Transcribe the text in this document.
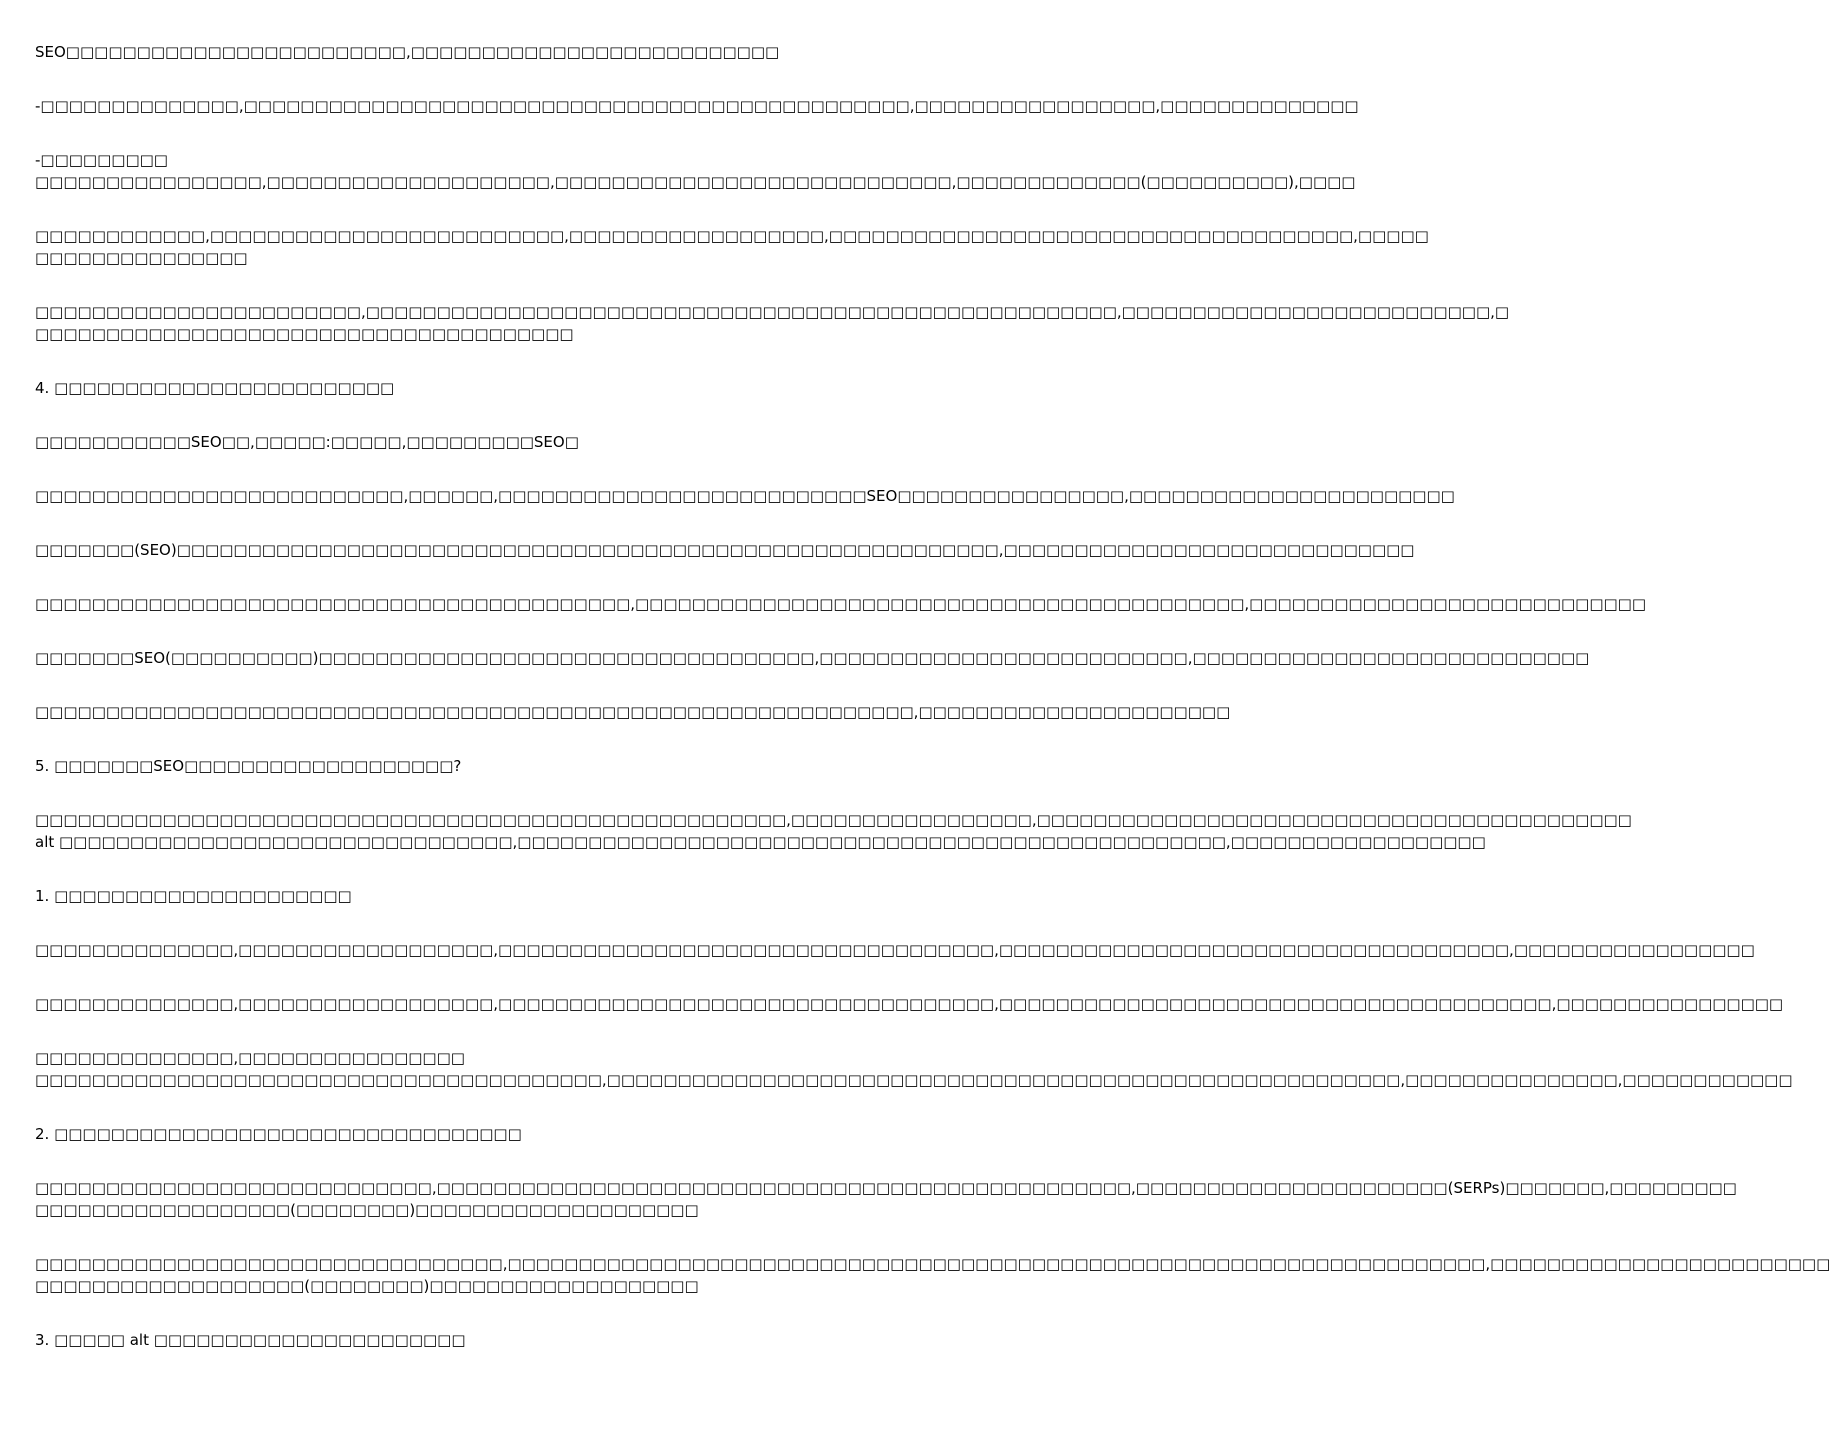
SEO□□□□□□□□□□□□□□□□□□□□□□□□,□□□□□□□□□□□□□□□□□□□□□□□□□□

-□□□□□□□□□□□□□□,□□□□□□□□□□□□□□□□□□□□□□□□□□□□□□□□□□□□□□□□□□□□□□□,□□□□□□□□□□□□□□□□□,□□□□□□□□□□□□□□

-□□□□□□□□□
□□□□□□□□□□□□□□□□,□□□□□□□□□□□□□□□□□□□□,□□□□□□□□□□□□□□□□□□□□□□□□□□□□,□□□□□□□□□□□□□(□□□□□□□□□□),□□□□

□□□□□□□□□□□□,□□□□□□□□□□□□□□□□□□□□□□□□□,□□□□□□□□□□□□□□□□□□,□□□□□□□□□□□□□□□□□□□□□□□□□□□□□□□□□□□□□,□□□□□
□□□□□□□□□□□□□□□

□□□□□□□□□□□□□□□□□□□□□□□,□□□□□□□□□□□□□□□□□□□□□□□□□□□□□□□□□□□□□□□□□□□□□□□□□□□□□,□□□□□□□□□□□□□□□□□□□□□□□□□□,□
□□□□□□□□□□□□□□□□□□□□□□□□□□□□□□□□□□□□□□

4. □□□□□□□□□□□□□□□□□□□□□□□□

□□□□□□□□□□□SEO□□,□□□□□:□□□□□,□□□□□□□□□SEO□

□□□□□□□□□□□□□□□□□□□□□□□□□□,□□□□□□,□□□□□□□□□□□□□□□□□□□□□□□□□□SEO□□□□□□□□□□□□□□□□,□□□□□□□□□□□□□□□□□□□□□□□

□□□□□□□(SEO)□□□□□□□□□□□□□□□□□□□□□□□□□□□□□□□□□□□□□□□□□□□□□□□□□□□□□□□□□□,□□□□□□□□□□□□□□□□□□□□□□□□□□□□□

□□□□□□□□□□□□□□□□□□□□□□□□□□□□□□□□□□□□□□□□□□,□□□□□□□□□□□□□□□□□□□□□□□□□□□□□□□□□□□□□□□□□□□,□□□□□□□□□□□□□□□□□□□□□□□□□□□□

□□□□□□□SEO(□□□□□□□□□□)□□□□□□□□□□□□□□□□□□□□□□□□□□□□□□□□□□□,□□□□□□□□□□□□□□□□□□□□□□□□□□,□□□□□□□□□□□□□□□□□□□□□□□□□□□□

□□□□□□□□□□□□□□□□□□□□□□□□□□□□□□□□□□□□□□□□□□□□□□□□□□□□□□□□□□□□□□,□□□□□□□□□□□□□□□□□□□□□□

5. □□□□□□□SEO□□□□□□□□□□□□□□□□□□□?

□□□□□□□□□□□□□□□□□□□□□□□□□□□□□□□□□□□□□□□□□□□□□□□□□□□□□,□□□□□□□□□□□□□□□□□,□□□□□□□□□□□□□□□□□□□□□□□□□□□□□□□□□□□□□□□□□□
alt □□□□□□□□□□□□□□□□□□□□□□□□□□□□□□□□,□□□□□□□□□□□□□□□□□□□□□□□□□□□□□□□□□□□□□□□□□□□□□□□□□□,□□□□□□□□□□□□□□□□□□

1. □□□□□□□□□□□□□□□□□□□□□

□□□□□□□□□□□□□□,□□□□□□□□□□□□□□□□□□,□□□□□□□□□□□□□□□□□□□□□□□□□□□□□□□□□□□,□□□□□□□□□□□□□□□□□□□□□□□□□□□□□□□□□□□□,□□□□□□□□□□□□□□□□□

□□□□□□□□□□□□□□,□□□□□□□□□□□□□□□□□□,□□□□□□□□□□□□□□□□□□□□□□□□□□□□□□□□□□□,□□□□□□□□□□□□□□□□□□□□□□□□□□□□□□□□□□□□□□□,□□□□□□□□□□□□□□□□

□□□□□□□□□□□□□□,□□□□□□□□□□□□□□□□
□□□□□□□□□□□□□□□□□□□□□□□□□□□□□□□□□□□□□□□□,□□□□□□□□□□□□□□□□□□□□□□□□□□□□□□□□□□□□□□□□□□□□□□□□□□□□□□□□,□□□□□□□□□□□□□□□,□□□□□□□□□□□□

2. □□□□□□□□□□□□□□□□□□□□□□□□□□□□□□□□□

□□□□□□□□□□□□□□□□□□□□□□□□□□□□,□□□□□□□□□□□□□□□□□□□□□□□□□□□□□□□□□□□□□□□□□□□□□□□□□,□□□□□□□□□□□□□□□□□□□□□□(SERPs)□□□□□□□,□□□□□□□□□
□□□□□□□□□□□□□□□□□□(□□□□□□□□)□□□□□□□□□□□□□□□□□□□□

□□□□□□□□□□□□□□□□□□□□□□□□□□□□□□□□□,□□□□□□□□□□□□□□□□□□□□□□□□□□□□□□□□□□□□□□□□□□□□□□□□□□□□□□□□□□□□□□□□□□□□□,□□□□□□□□□□□□□□□□□□□□□□□□
□□□□□□□□□□□□□□□□□□□(□□□□□□□□)□□□□□□□□□□□□□□□□□□□

3. □□□□□ alt □□□□□□□□□□□□□□□□□□□□□□
